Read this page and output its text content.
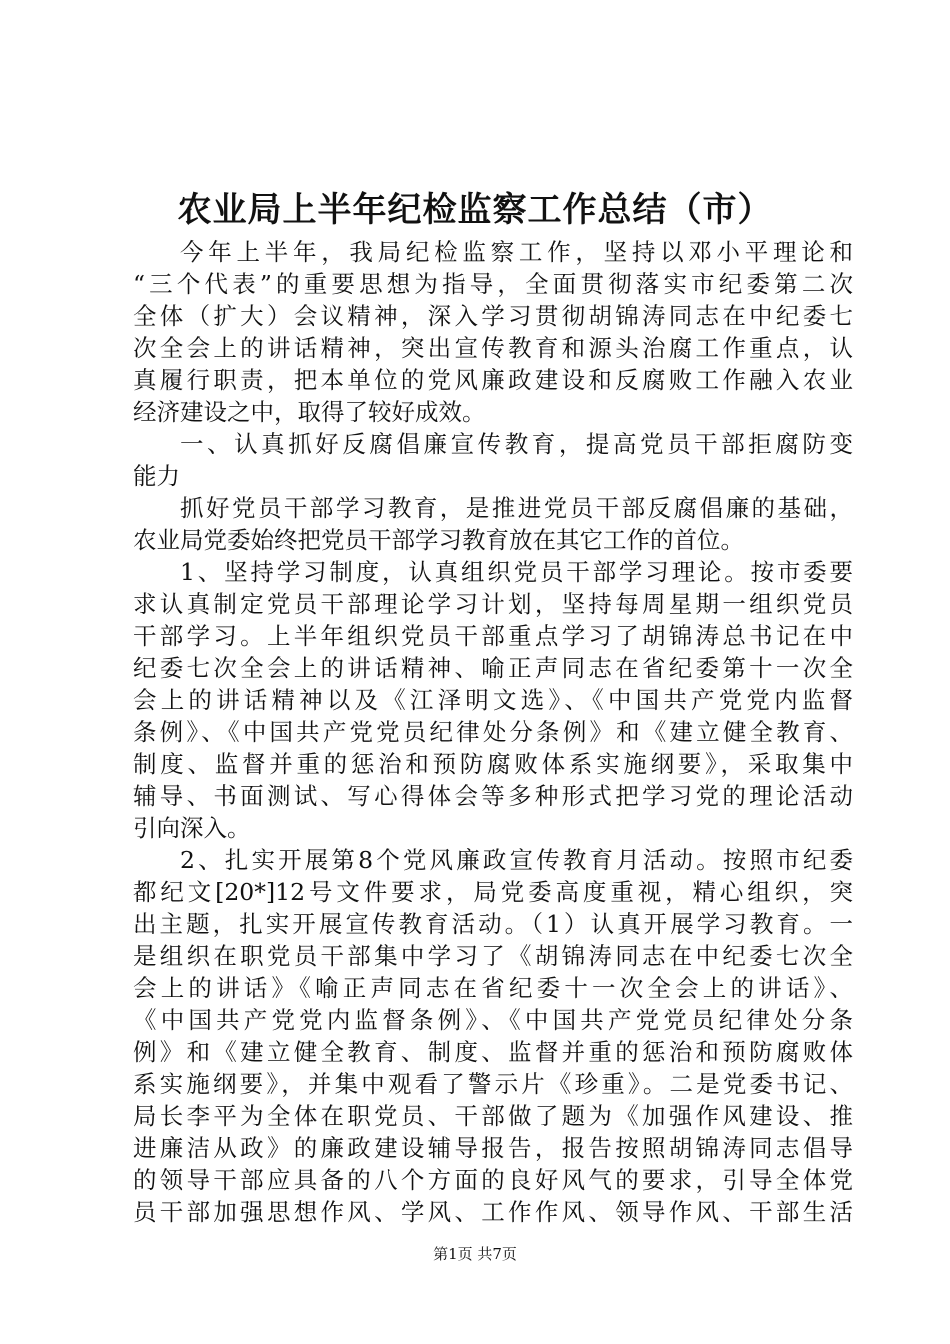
农业局上半年纪检监察工作总结（市）
今年上半年，我局纪检监察工作，坚持以邓小平理论和
“三个代表”的重要思想为指导，全面贯彻落实市纪委第二次
全体（扩大）会议精神，深入学习贯彻胡锦涛同志在中纪委七
次全会上的讲话精神，突出宣传教育和源头治腐工作重点，认
真履行职责，把本单位的党风廉政建设和反腐败工作融入农业
经济建设之中，取得了较好成效。
一、认真抓好反腐倡廉宣传教育，提高党员干部拒腐防变
能力
抓好党员干部学习教育，是推进党员干部反腐倡廉的基础，
农业局党委始终把党员干部学习教育放在其它工作的首位。
1、坚持学习制度，认真组织党员干部学习理论。按市委要
求认真制定党员干部理论学习计划，坚持每周星期一组织党员
干部学习。上半年组织党员干部重点学习了胡锦涛总书记在中
纪委七次全会上的讲话精神、喻正声同志在省纪委第十一次全
会上的讲话精神以及《江泽明文选》、《中国共产党党内监督
条例》、《中国共产党党员纪律处分条例》和《建立健全教育、
制度、监督并重的惩治和预防腐败体系实施纲要》，采取集中
辅导、书面测试、写心得体会等多种形式把学习党的理论活动
引向深入。
2、扎实开展第8个党风廉政宣传教育月活动。按照市纪委
都纪文[20*]12号文件要求，局党委高度重视，精心组织，突
出主题，扎实开展宣传教育活动。（1）认真开展学习教育。一
是组织在职党员干部集中学习了《胡锦涛同志在中纪委七次全
会上的讲话》《喻正声同志在省纪委十一次全会上的讲话》、
《中国共产党党内监督条例》、《中国共产党党员纪律处分条
例》和《建立健全教育、制度、监督并重的惩治和预防腐败体
系实施纲要》，并集中观看了警示片《珍重》。二是党委书记、
局长李平为全体在职党员、干部做了题为《加强作风建设、推
进廉洁从政》的廉政建设辅导报告，报告按照胡锦涛同志倡导
的领导干部应具备的八个方面的良好风气的要求，引导全体党
员干部加强思想作风、学风、工作作风、领导作风、干部生活
第1页 共7页
